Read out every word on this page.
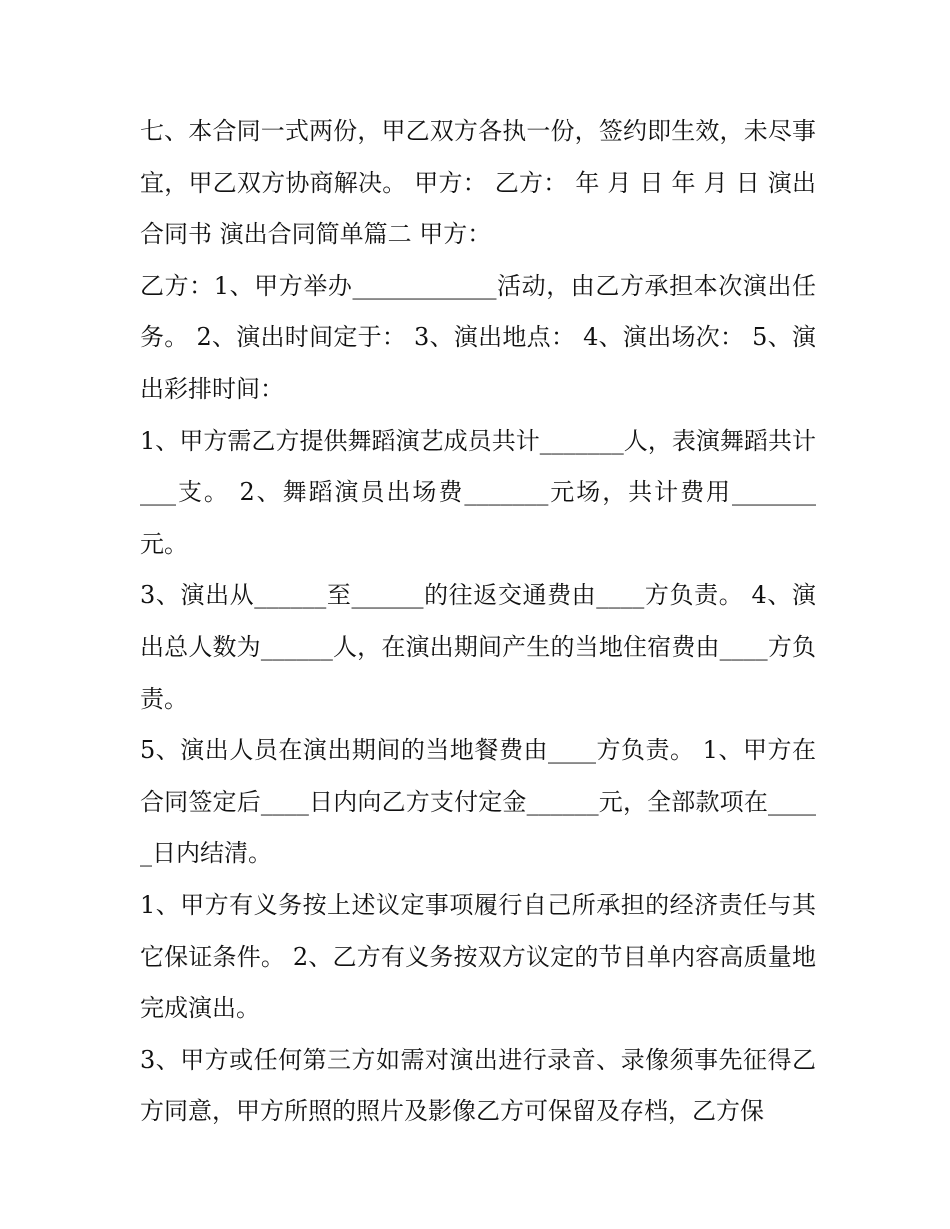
七、本合同一式两份，甲乙双方各执一份，签约即生效，未尽事宜，甲乙双方协商解决。 甲方： 乙方： 年 月 日 年 月 日 演出合同书 演出合同简单篇二 甲方：

乙方：1、甲方举办____________活动，由乙方承担本次演出任务。 2、演出时间定于： 3、演出地点： 4、演出场次： 5、演出彩排时间：

1、甲方需乙方提供舞蹈演艺成员共计_______人，表演舞蹈共计___支。 2、舞蹈演员出场费_______元场，共计费用_______元。

3、演出从______至______的往返交通费由____方负责。 4、演出总人数为______人，在演出期间产生的当地住宿费由____方负责。

5、演出人员在演出期间的当地餐费由____方负责。 1、甲方在合同签定后____日内向乙方支付定金______元，全部款项在_____日内结清。

1、甲方有义务按上述议定事项履行自己所承担的经济责任与其它保证条件。 2、乙方有义务按双方议定的节目单内容高质量地完成演出。

3、甲方或任何第三方如需对演出进行录音、录像须事先征得乙方同意，甲方所照的照片及影像乙方可保留及存档，乙方保
